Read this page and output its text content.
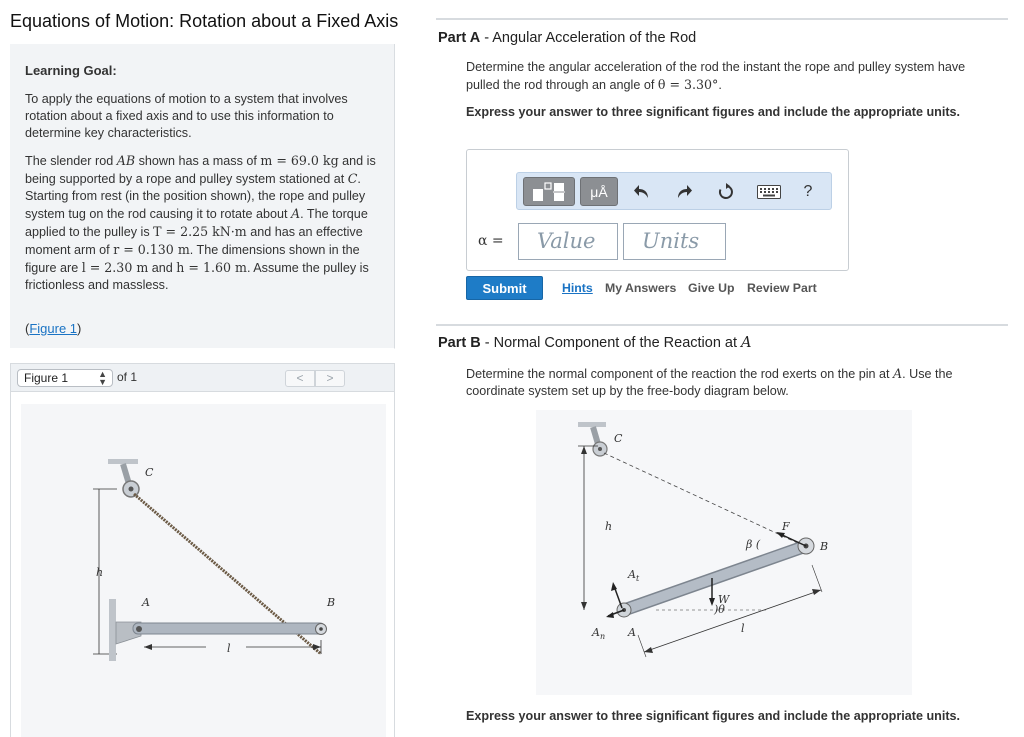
Equations of Motion: Rotation about a Fixed Axis
Learning Goal:
To apply the equations of motion to a system that involves rotation about a fixed axis and to use this information to determine key characteristics.
The slender rod AB shown has a mass of m = 69.0 kg and is being supported by a rope and pulley system stationed at C. Starting from rest (in the position shown), the rope and pulley system tug on the rod causing it to rotate about A. The torque applied to the pulley is T = 2.25 kN·m and has an effective moment arm of r = 0.130 m. The dimensions shown in the figure are l = 2.30 m and h = 1.60 m. Assume the pulley is frictionless and massless.
(Figure 1)
Figure 1	▲
▼ of 1	<	>
C
h
A	B
l
Part A - Angular Acceleration of the Rod
Determine the angular acceleration of the rod the instant the rope and pulley system have pulled the rod through an angle of θ = 3.30°.
Express your answer to three significant figures and include the appropriate units.
μÅ	?
α =	Value	Units
Submit	Hints My Answers Give Up Review Part
Part B - Normal Component of the Reaction at A
Determine the normal component of the reaction the rod exerts on the pin at A. Use the coordinate system set up by the free-body diagram below.
C
h
B
F
β (
$A_t$
$A_n$ A
)θ
W
l
Express your answer to three significant figures and include the appropriate units.
